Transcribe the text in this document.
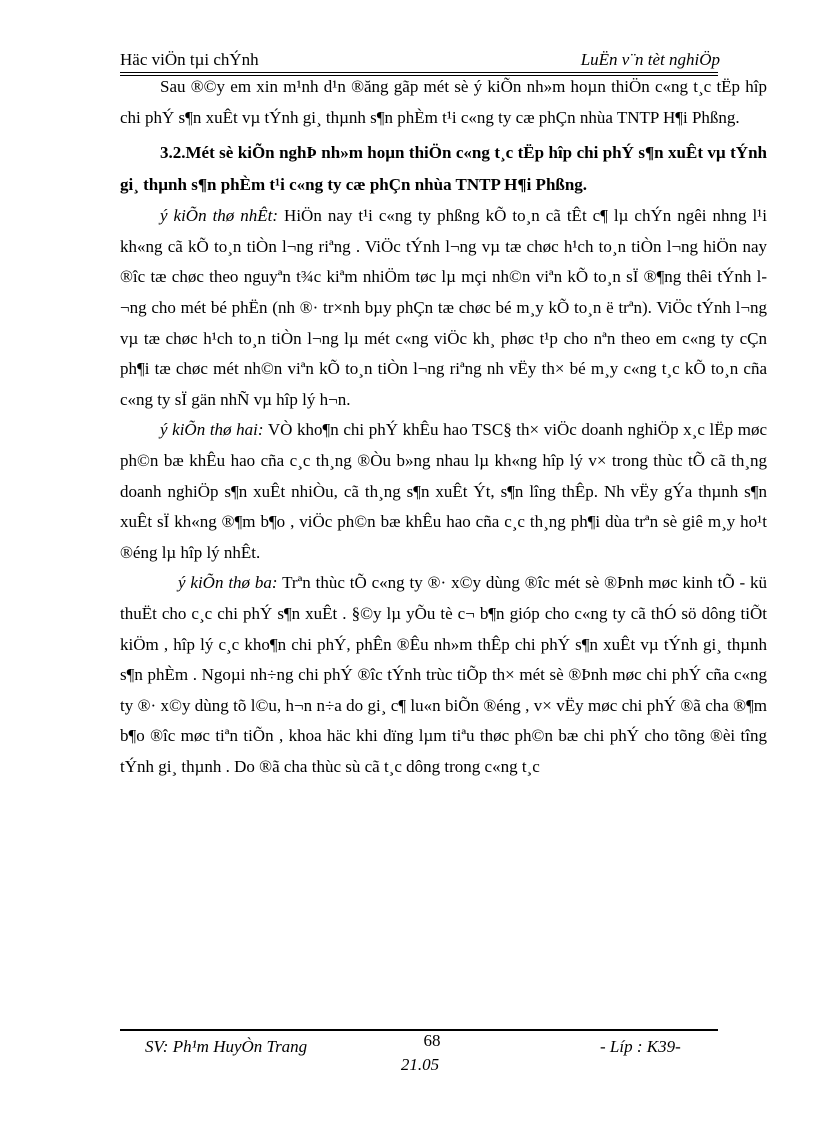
Häc viÖn tµi chÝnh	LuËn v¨n tèt nghiÖp

Sau ®©y em xin m¹nh d¹n ®ăng gãp mét sè ý kiÕn nh»m hoµn thiÖn c«ng t¸c tËp hîp chi phÝ s¶n xuÊt vµ tÝnh gi¸ thµnh s¶n phÈm t¹i c«ng ty cæ phÇn nhùa TNTP H¶i Phßng.

3.2.Mét sè kiÕn nghÞ nh»m hoµn thiÖn c«ng t¸c tËp hîp chi phÝ s¶n xuÊt vµ tÝnh gi¸ thµnh s¶n phÈm t¹i c«ng ty cæ phÇn nhùa TNTP H¶i Phßng.

ý kiÕn thø nhÊt: HiÖn nay t¹i c«ng ty phßng kÕ to¸n cã tÊt c¶ lµ chÝn ngêi nhng l¹i kh«ng cã kÕ to¸n tiÒn l¬ng riªng . ViÖc tÝnh l¬ng vµ tæ chøc h¹ch to¸n tiÒn l¬ng hiÖn nay ®îc tæ chøc theo nguyªn t¾c kiªm nhiÖm tøc lµ mçi nh©n viªn kÕ to¸n sÏ ®¶ng thêi tÝnh l¬ng cho mét bé phËn (nh ®· tr×nh bµy phÇn tæ chøc bé m¸y kÕ to¸n ë trªn). ViÖc tÝnh l¬ng vµ tæ chøc h¹ch to¸n tiÒn l¬ng lµ mét c«ng viÖc kh¸ phøc t¹p cho nªn theo em c«ng ty cÇn ph¶i tæ chøc mét nh©n viªn kÕ to¸n tiÒn l¬ng riªng nh vËy th× bé m¸y c«ng t¸c kÕ to¸n cña c«ng ty sÏ gän nhÑ vµ hîp lý h¬n.

ý kiÕn thø hai: VÒ kho¶n chi phÝ khÊu hao TSC§ th× viÖc doanh nghiÖp x¸c lËp møc ph©n bæ khÊu hao cña c¸c th¸ng ®Òu b»ng nhau lµ kh«ng hîp lý v× trong thùc tÕ cã th¸ng doanh nghiÖp s¶n xuÊt nhiÒu, cã th¸ng s¶n xuÊt Ýt, s¶n lîng thÊp. Nh vËy gÝa thµnh s¶n xuÊt sÏ kh«ng ®¶m b¶o , viÖc ph©n bæ khÊu hao cña c¸c th¸ng ph¶i dùa trªn sè giê m¸y ho¹t ®éng lµ hîp lý nhÊt.

ý kiÕn thø ba: Trªn thùc tÕ c«ng ty ®· x©y dùng ®îc mét sè ®Þnh møc kinh tÕ - kü thuËt cho c¸c chi phÝ s¶n xuÊt . §©y lµ yÕu tè c¬ b¶n gióp cho c«ng ty cã thÓ sö dông tiÕt kiÖm , hîp lý c¸c kho¶n chi phÝ, phÊn ®Êu nh»m thÊp chi phÝ s¶n xuÊt vµ tÝnh gi¸ thµnh s¶n phÈm . Ngoµi nh÷ng chi phÝ ®îc tÝnh trùc tiÕp th× mét sè ®Þnh møc chi phÝ cña c«ng ty ®· x©y dùng tõ l©u, h¬n n÷a do gi¸ c¶ lu«n biÕn ®éng , v× vËy møc chi phÝ ®ã cha ®¶m b¶o ®îc møc tiªn tiÕn , khoa häc khi dïng lµm tiªu thøc ph©n bæ chi phÝ cho tõng ®èi tîng tÝnh gi¸ thµnh . Do ®ã cha thùc sù cã t¸c dông trong c«ng t¸c

SV: Ph¹m HuyÒn Trang	68
21.05
- Líp : K39-
